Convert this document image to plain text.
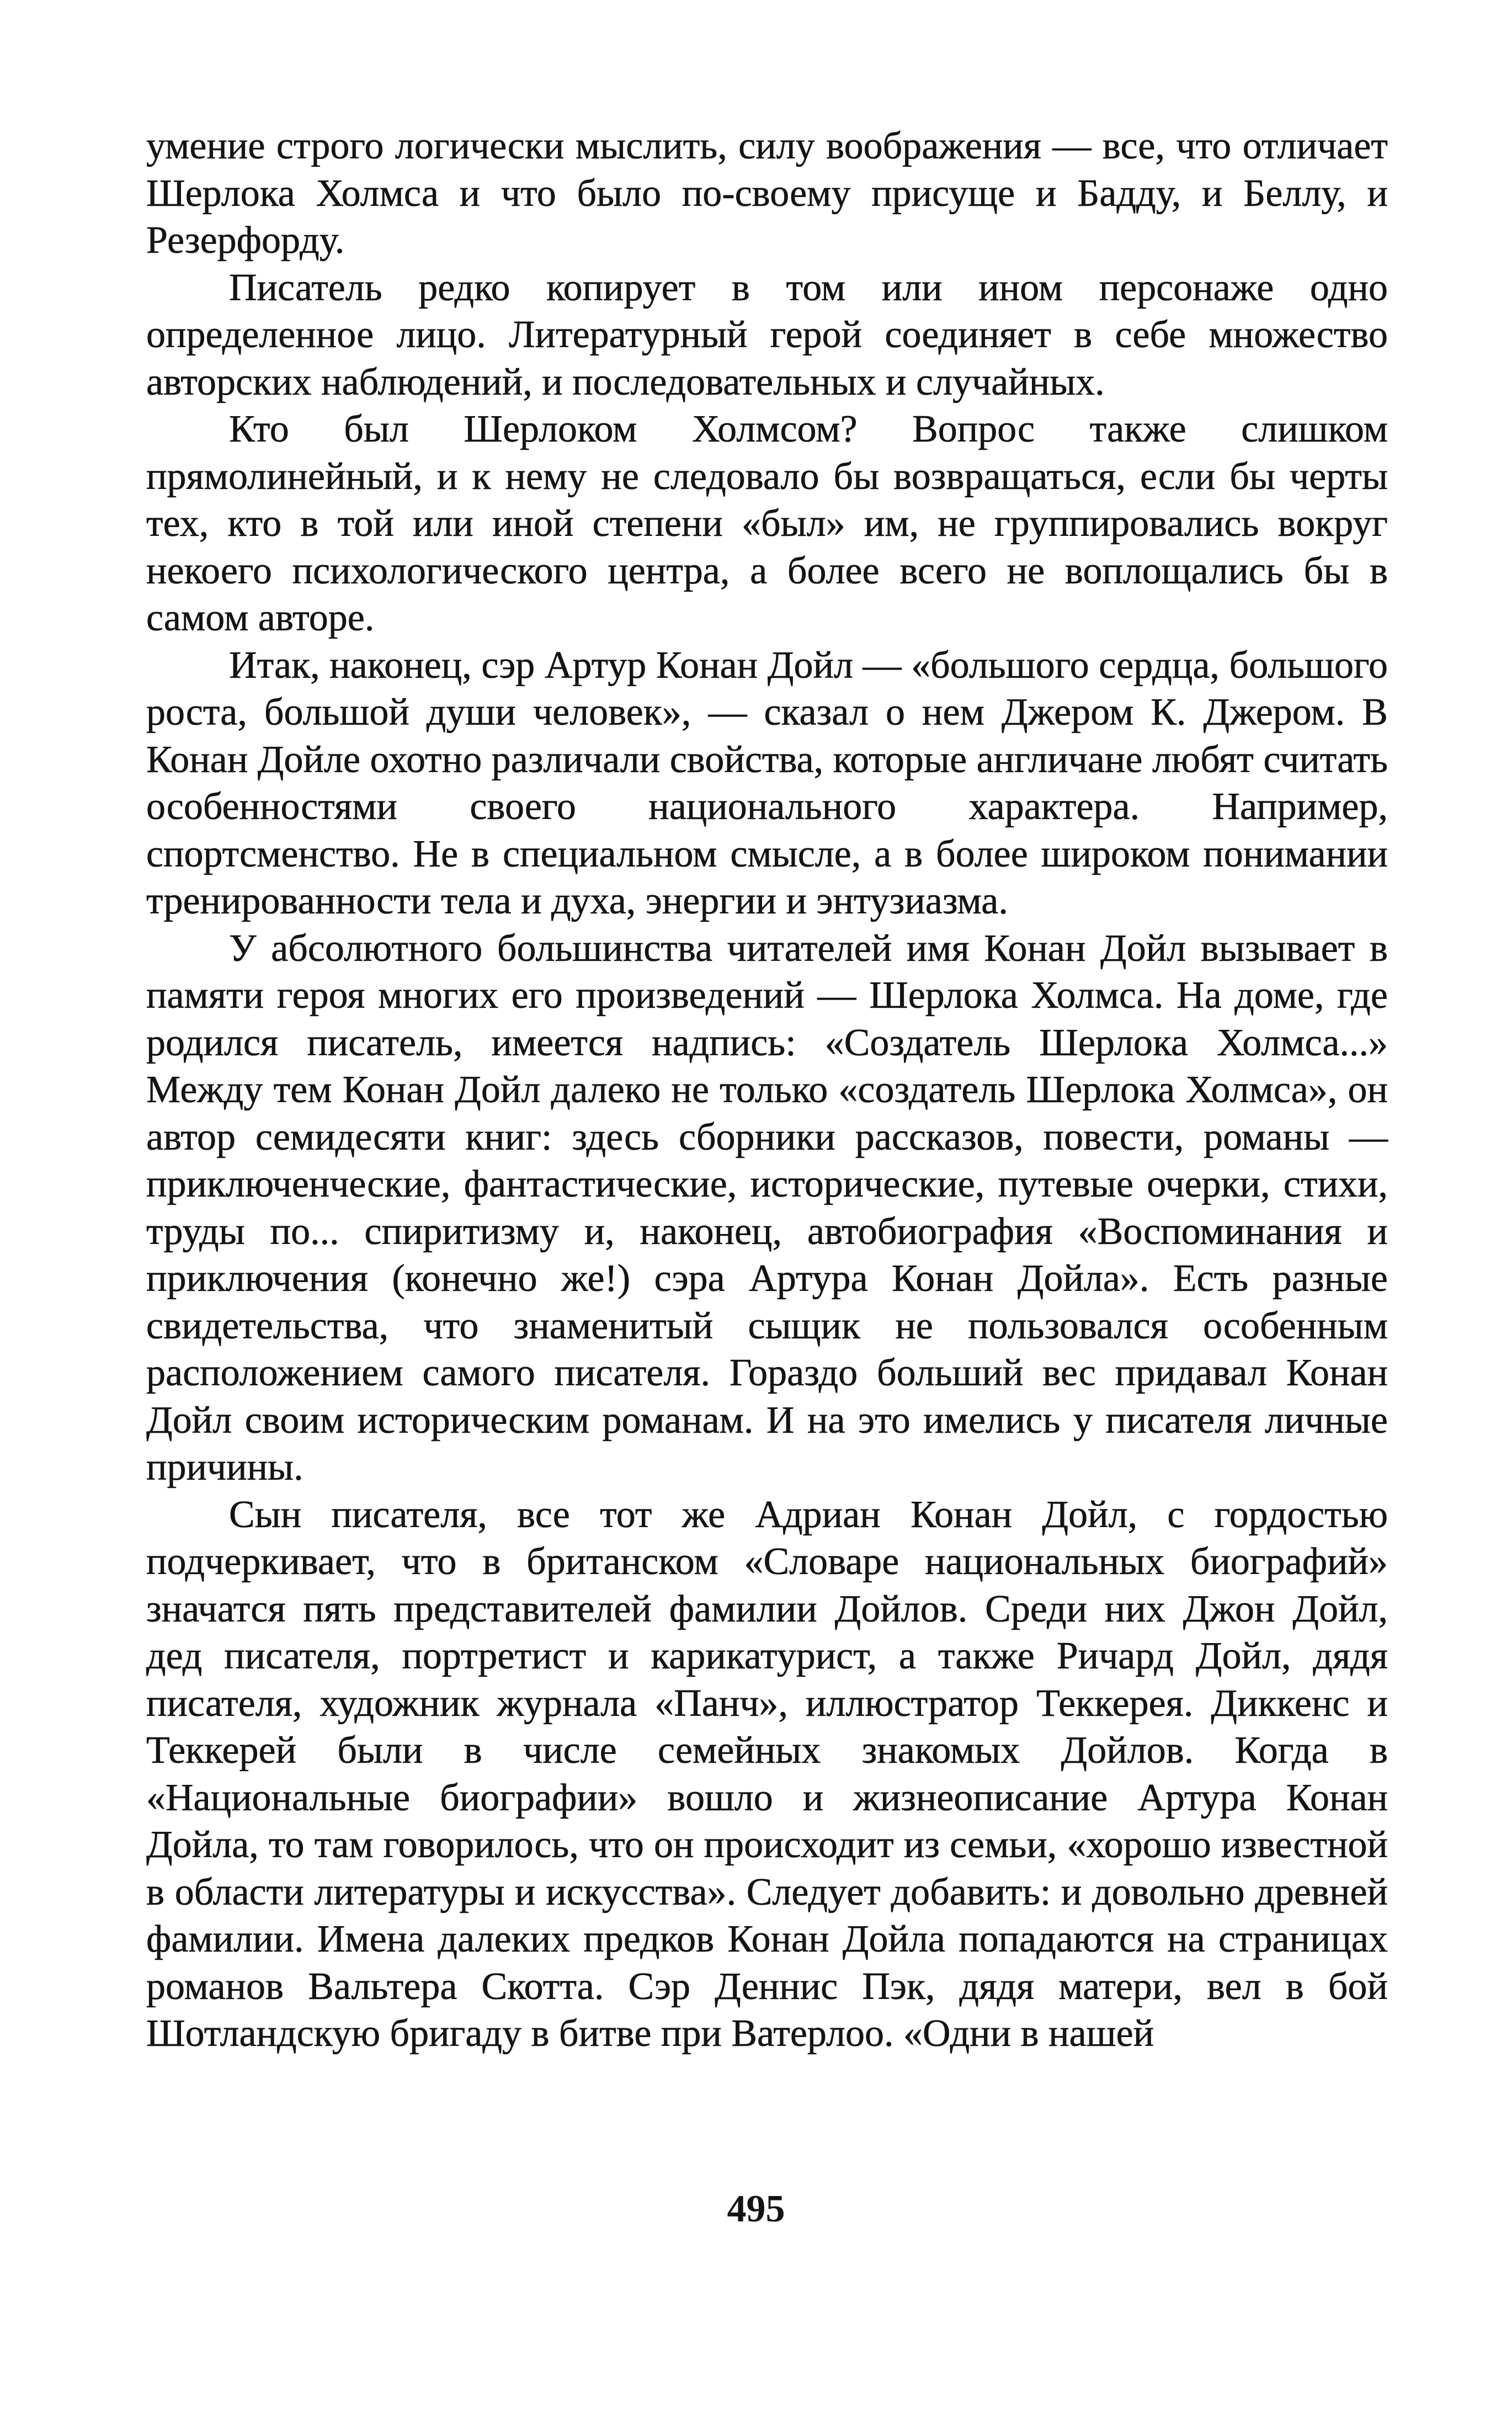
умение строго логически мыслить, силу воображения — все, что отличает Шерлока Холмса и что было по-своему присуще и Бадду, и Беллу, и Резерфорду.

Писатель редко копирует в том или ином персонаже одно определенное лицо. Литературный герой соединяет в себе множество авторских наблюдений, и последовательных и случайных.

Кто был Шерлоком Холмсом? Вопрос также слишком прямолинейный, и к нему не следовало бы возвращаться, если бы черты тех, кто в той или иной степени «был» им, не группировались вокруг некоего психологического центра, а более всего не воплощались бы в самом авторе.

Итак, наконец, сэр Артур Конан Дойл — «большого сердца, большого роста, большой души человек», — сказал о нем Джером К. Джером. В Конан Дойле охотно различали свойства, которые англичане любят считать особенностями своего национального характера. Например, спортсменство. Не в специальном смысле, а в более широком понимании тренированности тела и духа, энергии и энтузиазма.

У абсолютного большинства читателей имя Конан Дойл вызывает в памяти героя многих его произведений — Шерлока Холмса. На доме, где родился писатель, имеется надпись: «Создатель Шерлока Холмса...» Между тем Конан Дойл далеко не только «создатель Шерлока Холмса», он автор семидесяти книг: здесь сборники рассказов, повести, романы — приключенческие, фантастические, исторические, путевые очерки, стихи, труды по... спиритизму и, наконец, автобиография «Воспоминания и приключения (конечно же!) сэра Артура Конан Дойла». Есть разные свидетельства, что знаменитый сыщик не пользовался особенным расположением самого писателя. Гораздо больший вес придавал Конан Дойл своим историческим романам. И на это имелись у писателя личные причины.

Сын писателя, все тот же Адриан Конан Дойл, с гордостью подчеркивает, что в британском «Словаре национальных биографий» значатся пять представителей фамилии Дойлов. Среди них Джон Дойл, дед писателя, портретист и карикатурист, а также Ричард Дойл, дядя писателя, художник журнала «Панч», иллюстратор Теккерея. Диккенс и Теккерей были в числе семейных знакомых Дойлов. Когда в «Национальные биографии» вошло и жизнеописание Артура Конан Дойла, то там говорилось, что он происходит из семьи, «хорошо известной в области литературы и искусства». Следует добавить: и довольно древней фамилии. Имена далеких предков Конан Дойла попадаются на страницах романов Вальтера Скотта. Сэр Деннис Пэк, дядя матери, вел в бой Шотландскую бригаду в битве при Ватерлоо. «Одни в нашей

495
